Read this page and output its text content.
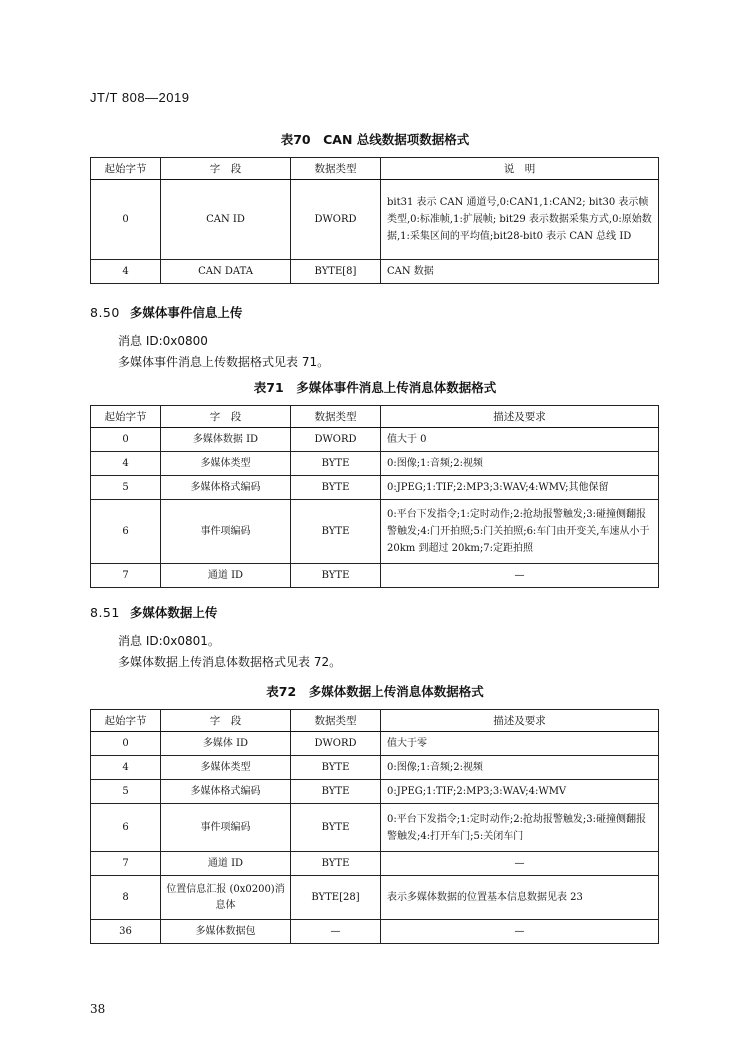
JT/T 808—2019
表70　CAN 总线数据项数据格式
起始字节	字　段	数据类型	说　明
0	CAN ID	DWORD	bit31 表示 CAN 通道号,0:CAN1,1:CAN2; bit30 表示帧类型,0:标准帧,1:扩展帧; bit29 表示数据采集方式,0:原始数据,1:采集区间的平均值;bit28-bit0 表示 CAN 总线 ID
4	CAN DATA	BYTE[8]	CAN 数据
8.50 多媒体事件信息上传
消息 ID:0x0800
多媒体事件消息上传数据格式见表 71。
表71　多媒体事件消息上传消息体数据格式
起始字节	字　段	数据类型	描述及要求
0	多媒体数据 ID	DWORD	值大于 0
4	多媒体类型	BYTE	0:图像;1:音频;2:视频
5	多媒体格式编码	BYTE	0:JPEG;1:TIF;2:MP3;3:WAV;4:WMV;其他保留
6	事件项编码	BYTE	0:平台下发指令;1:定时动作;2:抢劫报警触发;3:碰撞侧翻报警触发;4:门开拍照;5:门关拍照;6:车门由开变关,车速从小于 20km 到超过 20km;7:定距拍照
7	通道 ID	BYTE	—
8.51 多媒体数据上传
消息 ID:0x0801。
多媒体数据上传消息体数据格式见表 72。
表72　多媒体数据上传消息体数据格式
起始字节	字　段	数据类型	描述及要求
0	多媒体 ID	DWORD	值大于零
4	多媒体类型	BYTE	0:图像;1:音频;2:视频
5	多媒体格式编码	BYTE	0:JPEG;1:TIF;2:MP3;3:WAV;4:WMV
6	事件项编码	BYTE	0:平台下发指令;1:定时动作;2:抢劫报警触发;3:碰撞侧翻报警触发;4:打开车门;5:关闭车门
7	通道 ID	BYTE	—
8	位置信息汇报 (0x0200)消息体	BYTE[28]	表示多媒体数据的位置基本信息数据见表 23
36	多媒体数据包	—	—
38
